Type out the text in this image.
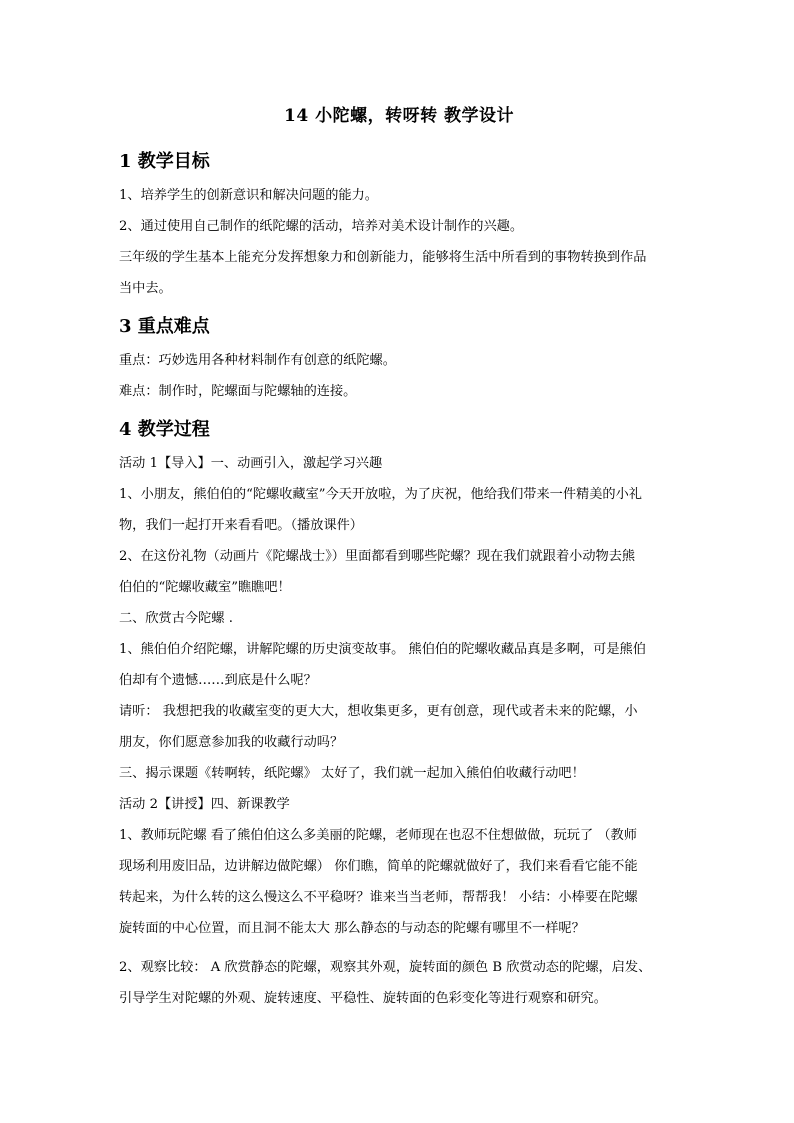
14 小陀螺，转呀转 教学设计
1 教学目标
1、培养学生的创新意识和解决问题的能力。
2、通过使用自己制作的纸陀螺的活动，培养对美术设计制作的兴趣。
三年级的学生基本上能充分发挥想象力和创新能力，能够将生活中所看到的事物转换到作品
当中去。
3 重点难点
重点：巧妙选用各种材料制作有创意的纸陀螺。
难点：制作时，陀螺面与陀螺轴的连接。
4 教学过程
活动 1【导入】一、动画引入，激起学习兴趣
1、小朋友，熊伯伯的“陀螺收藏室”今天开放啦，为了庆祝，他给我们带来一件精美的小礼
物，我们一起打开来看看吧。（播放课件）
2、在这份礼物（动画片《陀螺战士》）里面都看到哪些陀螺？现在我们就跟着小动物去熊
伯伯的“陀螺收藏室”瞧瞧吧！
二、欣赏古今陀螺 .
1、熊伯伯介绍陀螺，讲解陀螺的历史演变故事。 熊伯伯的陀螺收藏品真是多啊，可是熊伯
伯却有个遗憾……到底是什么呢？
请听： 我想把我的收藏室变的更大大，想收集更多，更有创意，现代或者未来的陀螺，小
朋友，你们愿意参加我的收藏行动吗？
三、揭示课题《转啊转，纸陀螺》 太好了，我们就一起加入熊伯伯收藏行动吧！
活动 2【讲授】四、新课教学
1、教师玩陀螺 看了熊伯伯这么多美丽的陀螺，老师现在也忍不住想做做，玩玩了 （教师
现场利用废旧品，边讲解边做陀螺） 你们瞧，简单的陀螺就做好了，我们来看看它能不能
转起来，为什么转的这么慢这么不平稳呀？谁来当当老师，帮帮我！ 小结：小棒要在陀螺
旋转面的中心位置，而且洞不能太大 那么静态的与动态的陀螺有哪里不一样呢？
2、观察比较： A 欣赏静态的陀螺，观察其外观，旋转面的颜色 B 欣赏动态的陀螺，启发、
引导学生对陀螺的外观、旋转速度、平稳性、旋转面的色彩变化等进行观察和研究。
